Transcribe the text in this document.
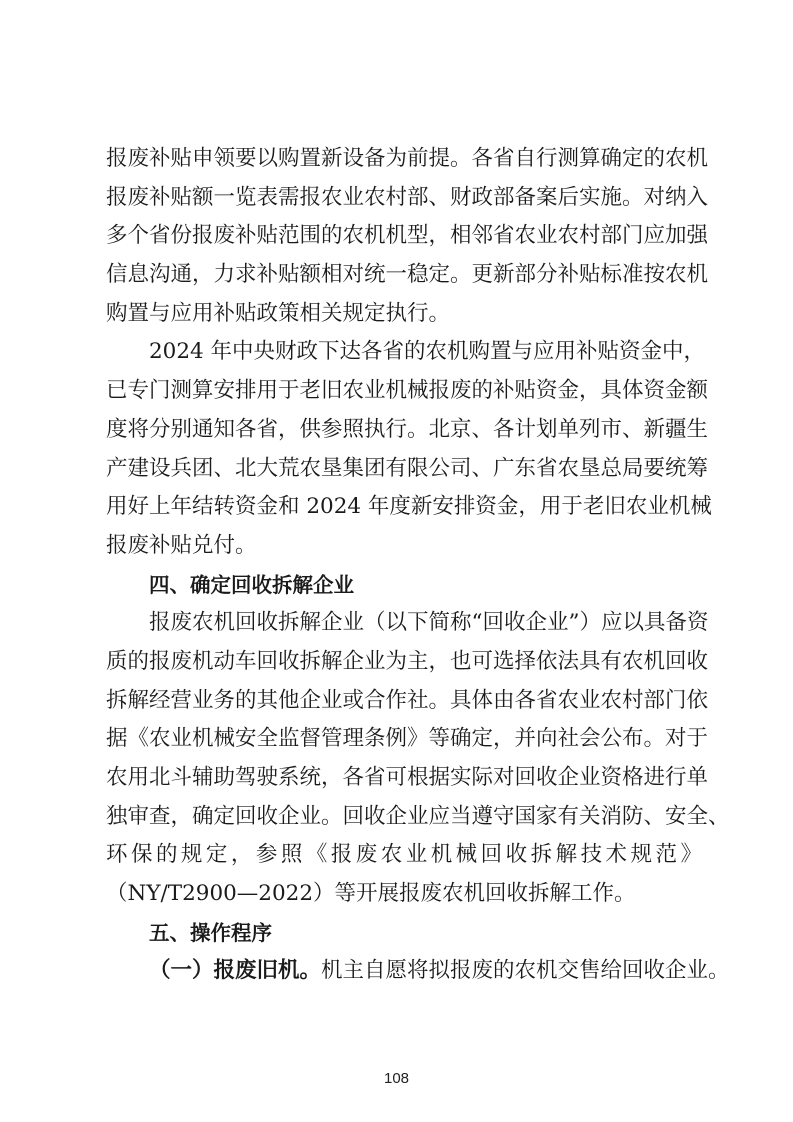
报废补贴申领要以购置新设备为前提。各省自行测算确定的农机
报废补贴额一览表需报农业农村部、财政部备案后实施。对纳入
多个省份报废补贴范围的农机机型，相邻省农业农村部门应加强
信息沟通，力求补贴额相对统一稳定。更新部分补贴标准按农机
购置与应用补贴政策相关规定执行。
2024 年中央财政下达各省的农机购置与应用补贴资金中，
已专门测算安排用于老旧农业机械报废的补贴资金，具体资金额
度将分别通知各省，供参照执行。北京、各计划单列市、新疆生
产建设兵团、北大荒农垦集团有限公司、广东省农垦总局要统筹
用好上年结转资金和 2024 年度新安排资金，用于老旧农业机械
报废补贴兑付。
四、确定回收拆解企业
报废农机回收拆解企业（以下简称“回收企业”）应以具备资
质的报废机动车回收拆解企业为主，也可选择依法具有农机回收
拆解经营业务的其他企业或合作社。具体由各省农业农村部门依
据《农业机械安全监督管理条例》等确定，并向社会公布。对于
农用北斗辅助驾驶系统，各省可根据实际对回收企业资格进行单
独审查，确定回收企业。回收企业应当遵守国家有关消防、安全、
环保的规定，参照《报废农业机械回收拆解技术规范》
（NY/T2900—2022）等开展报废农机回收拆解工作。
五、操作程序
（一）报废旧机。机主自愿将拟报废的农机交售给回收企业。
108
